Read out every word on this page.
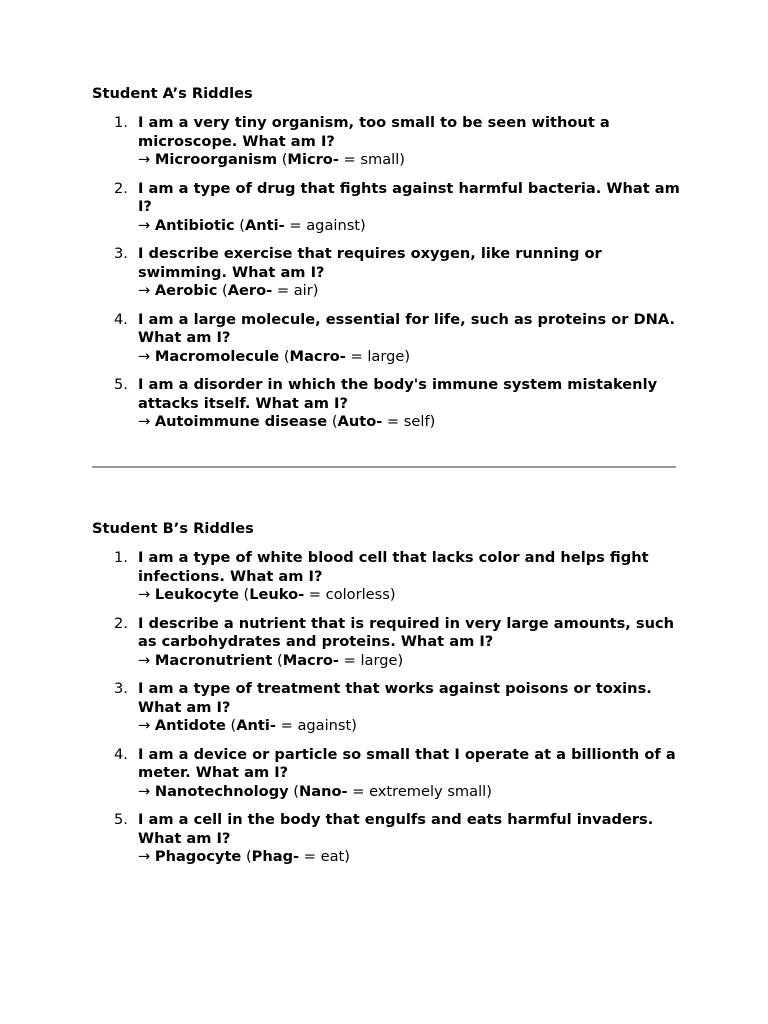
Student A’s Riddles
1. I am a very tiny organism, too small to be seen without a microscope. What am I?
→ Microorganism (Micro- = small)
2. I am a type of drug that fights against harmful bacteria. What am I?
→ Antibiotic (Anti- = against)
3. I describe exercise that requires oxygen, like running or swimming. What am I?
→ Aerobic (Aero- = air)
4. I am a large molecule, essential for life, such as proteins or DNA. What am I?
→ Macromolecule (Macro- = large)
5. I am a disorder in which the body's immune system mistakenly attacks itself. What am I?
→ Autoimmune disease (Auto- = self)
Student B’s Riddles
1. I am a type of white blood cell that lacks color and helps fight infections. What am I?
→ Leukocyte (Leuko- = colorless)
2. I describe a nutrient that is required in very large amounts, such as carbohydrates and proteins. What am I?
→ Macronutrient (Macro- = large)
3. I am a type of treatment that works against poisons or toxins. What am I?
→ Antidote (Anti- = against)
4. I am a device or particle so small that I operate at a billionth of a meter. What am I?
→ Nanotechnology (Nano- = extremely small)
5. I am a cell in the body that engulfs and eats harmful invaders. What am I?
→ Phagocyte (Phag- = eat)
